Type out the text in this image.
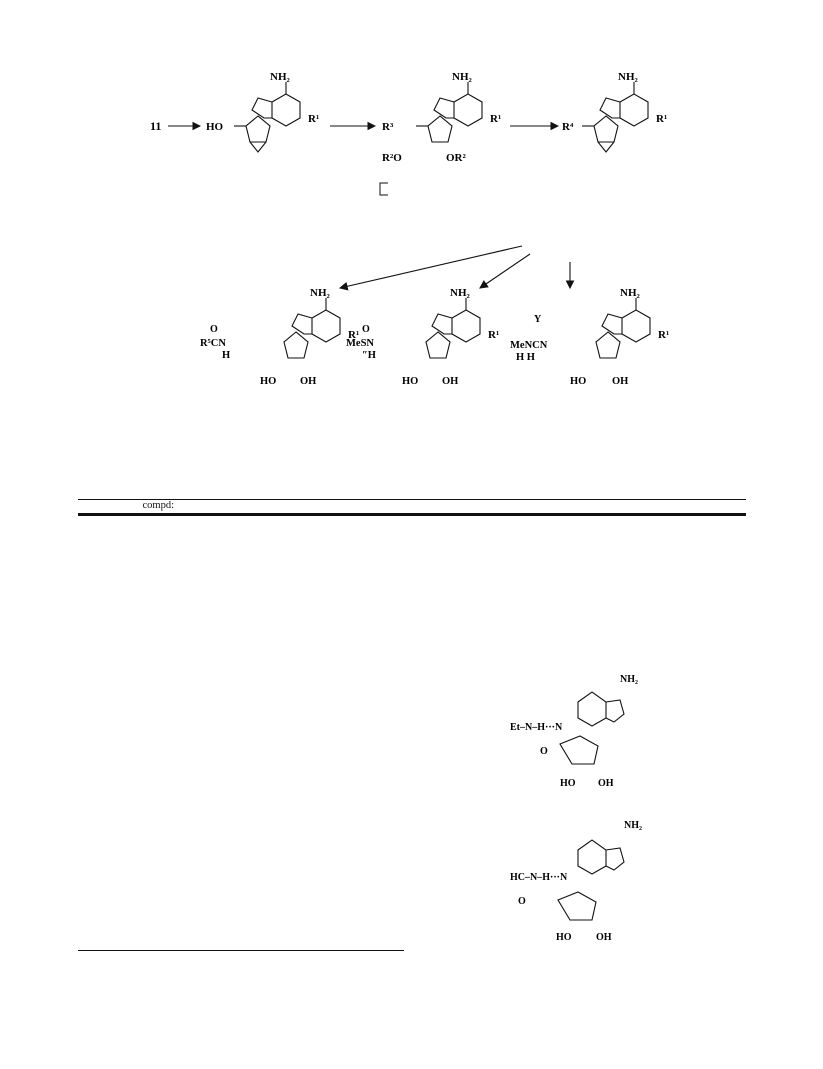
NH₂
R¹
HO
11
NH₂
R¹
R³
R²O	OR²
NH₂
R¹
R⁴
NH₂
R¹
O
R⁵CN
H
HO OH
NH₂
R¹
O
MeSN
″H
HO OH
NH₂
R¹
Y
MeNCN
H H
HO OH
compd:					

NH₂
Et–N–H···N
O
HO OH
NH₂
HC–N–H···N
O
HO OH
